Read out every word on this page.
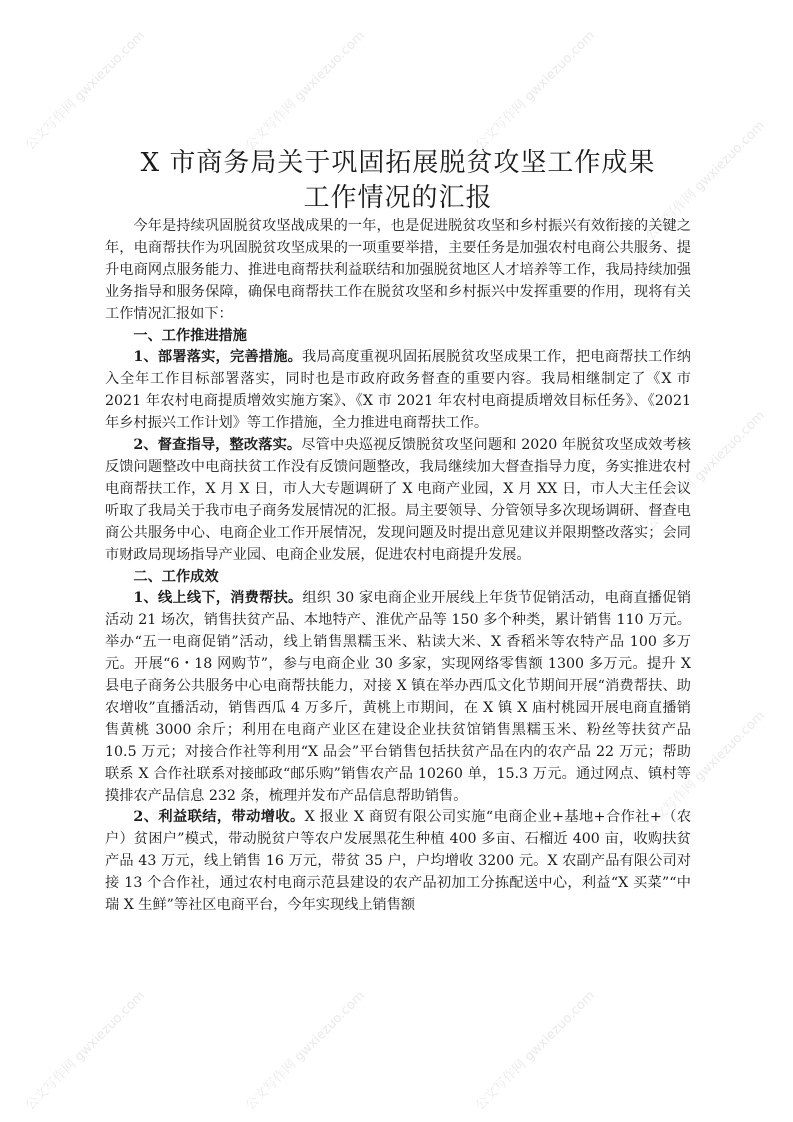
公文写作网 gwxiezuo.com	公文写作网 gwxiezuo.com	公文写作网 gwxiezuo.com
公文写作网 gwxiezuo.com
公文写作网 gwxiezuo.com
公文写作网 gwxiezuo.com
公文写作网 gwxiezuo.com	公文写作网 gwxiezuo.com	公文写作网 gwxiezuo.com
X 市商务局关于巩固拓展脱贫攻坚工作成果
工作情况的汇报

今年是持续巩固脱贫攻坚战成果的一年，也是促进脱贫攻坚和乡村振兴有效衔接的关键之年，电商帮扶作为巩固脱贫攻坚成果的一项重要举措，主要任务是加强农村电商公共服务、提升电商网点服务能力、推进电商帮扶利益联结和加强脱贫地区人才培养等工作，我局持续加强业务指导和服务保障，确保电商帮扶工作在脱贫攻坚和乡村振兴中发挥重要的作用，现将有关工作情况汇报如下：

一、工作推进措施

1、部署落实，完善措施。我局高度重视巩固拓展脱贫攻坚成果工作，把电商帮扶工作纳入全年工作目标部署落实，同时也是市政府政务督查的重要内容。我局相继制定了《X 市 2021 年农村电商提质增效实施方案》、《X 市 2021 年农村电商提质增效目标任务》、《2021 年乡村振兴工作计划》等工作措施，全力推进电商帮扶工作。

2、督查指导，整改落实。尽管中央巡视反馈脱贫攻坚问题和 2020 年脱贫攻坚成效考核反馈问题整改中电商扶贫工作没有反馈问题整改，我局继续加大督查指导力度，务实推进农村电商帮扶工作，X 月 X 日，市人大专题调研了 X 电商产业园，X 月 XX 日，市人大主任会议听取了我局关于我市电子商务发展情况的汇报。局主要领导、分管领导多次现场调研、督查电商公共服务中心、电商企业工作开展情况，发现问题及时提出意见建议并限期整改落实；会同市财政局现场指导产业园、电商企业发展，促进农村电商提升发展。

二、工作成效

1、线上线下，消费帮扶。组织 30 家电商企业开展线上年货节促销活动，电商直播促销活动 21 场次，销售扶贫产品、本地特产、淮优产品等 150 多个种类，累计销售 110 万元。举办“五一电商促销”活动，线上销售黑糯玉米、粘读大米、X 香稻米等农特产品 100 多万元。开展“6・18 网购节”，参与电商企业 30 多家，实现网络零售额 1300 多万元。提升 X 县电子商务公共服务中心电商帮扶能力，对接 X 镇在举办西瓜文化节期间开展“消费帮扶、助农增收”直播活动，销售西瓜 4 万多斤，黄桃上市期间，在 X 镇 X 庙村桃园开展电商直播销售黄桃 3000 余斤；利用在电商产业区在建设企业扶贫馆销售黑糯玉米、粉丝等扶贫产品 10.5 万元；对接合作社等利用“X 品会”平台销售包括扶贫产品在内的农产品 22 万元；帮助联系 X 合作社联系对接邮政“邮乐购”销售农产品 10260 单，15.3 万元。通过网点、镇村等摸排农产品信息 232 条，梳理并发布产品信息帮助销售。

2、利益联结，带动增收。X 报业 X 商贸有限公司实施“电商企业+基地+合作社+（农户）贫困户”模式，带动脱贫户等农户发展黑花生种植 400 多亩、石榴近 400 亩，收购扶贫产品 43 万元，线上销售 16 万元，带贫 35 户，户均增收 3200 元。X 农副产品有限公司对接 13 个合作社，通过农村电商示范县建设的农产品初加工分拣配送中心，利益“X 买菜”“中瑞 X 生鲜”等社区电商平台，今年实现线上销售额
